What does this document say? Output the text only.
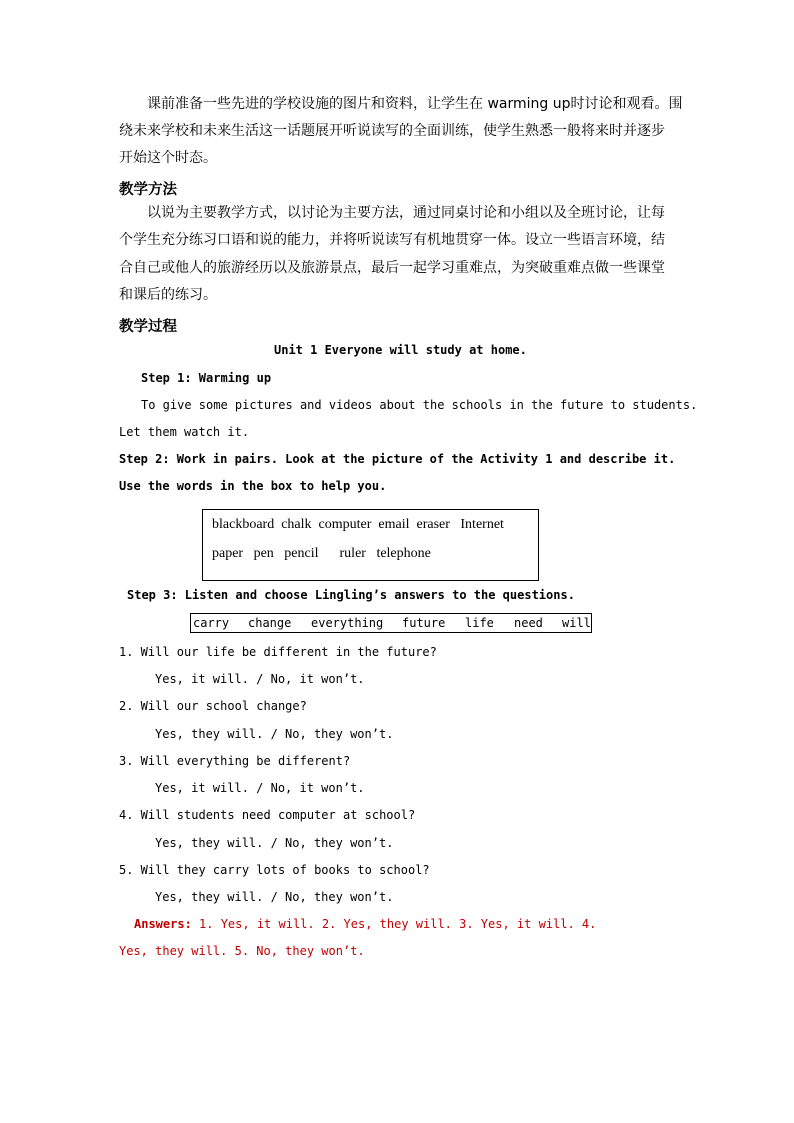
课前准备一些先进的学校设施的图片和资料，让学生在 warming up时讨论和观看。围
绕未来学校和未来生活这一话题展开听说读写的全面训练，使学生熟悉一般将来时并逐步
开始这个时态。
教学方法
以说为主要教学方式，以讨论为主要方法，通过同桌讨论和小组以及全班讨论，让每
个学生充分练习口语和说的能力，并将听说读写有机地贯穿一体。设立一些语言环境，结
合自己或他人的旅游经历以及旅游景点，最后一起学习重难点，为突破重难点做一些课堂
和课后的练习。
教学过程
Unit 1 Everyone will study at home.
Step 1: Warming up
To give some pictures and videos about the schools in the future to students.
Let them watch it.
Step 2: Work in pairs. Look at the picture of the Activity 1 and describe it.
Use the words in the box to help you.
blackboard  chalk  computer  email  eraser   Internet
paper   pen   pencil      ruler   telephone
Step 3: Listen and choose Lingling’s answers to the questions.
carry change everything future life need will
1. Will our life be different in the future?
Yes, it will. / No, it won’t.
2. Will our school change?
Yes, they will. / No, they won’t.
3. Will everything be different?
Yes, it will. / No, it won’t.
4. Will students need computer at school?
Yes, they will. / No, they won’t.
5. Will they carry lots of books to school?
Yes, they will. / No, they won’t.
Answers: 1. Yes, it will. 2. Yes, they will. 3. Yes, it will. 4.
Yes, they will. 5. No, they won’t.
